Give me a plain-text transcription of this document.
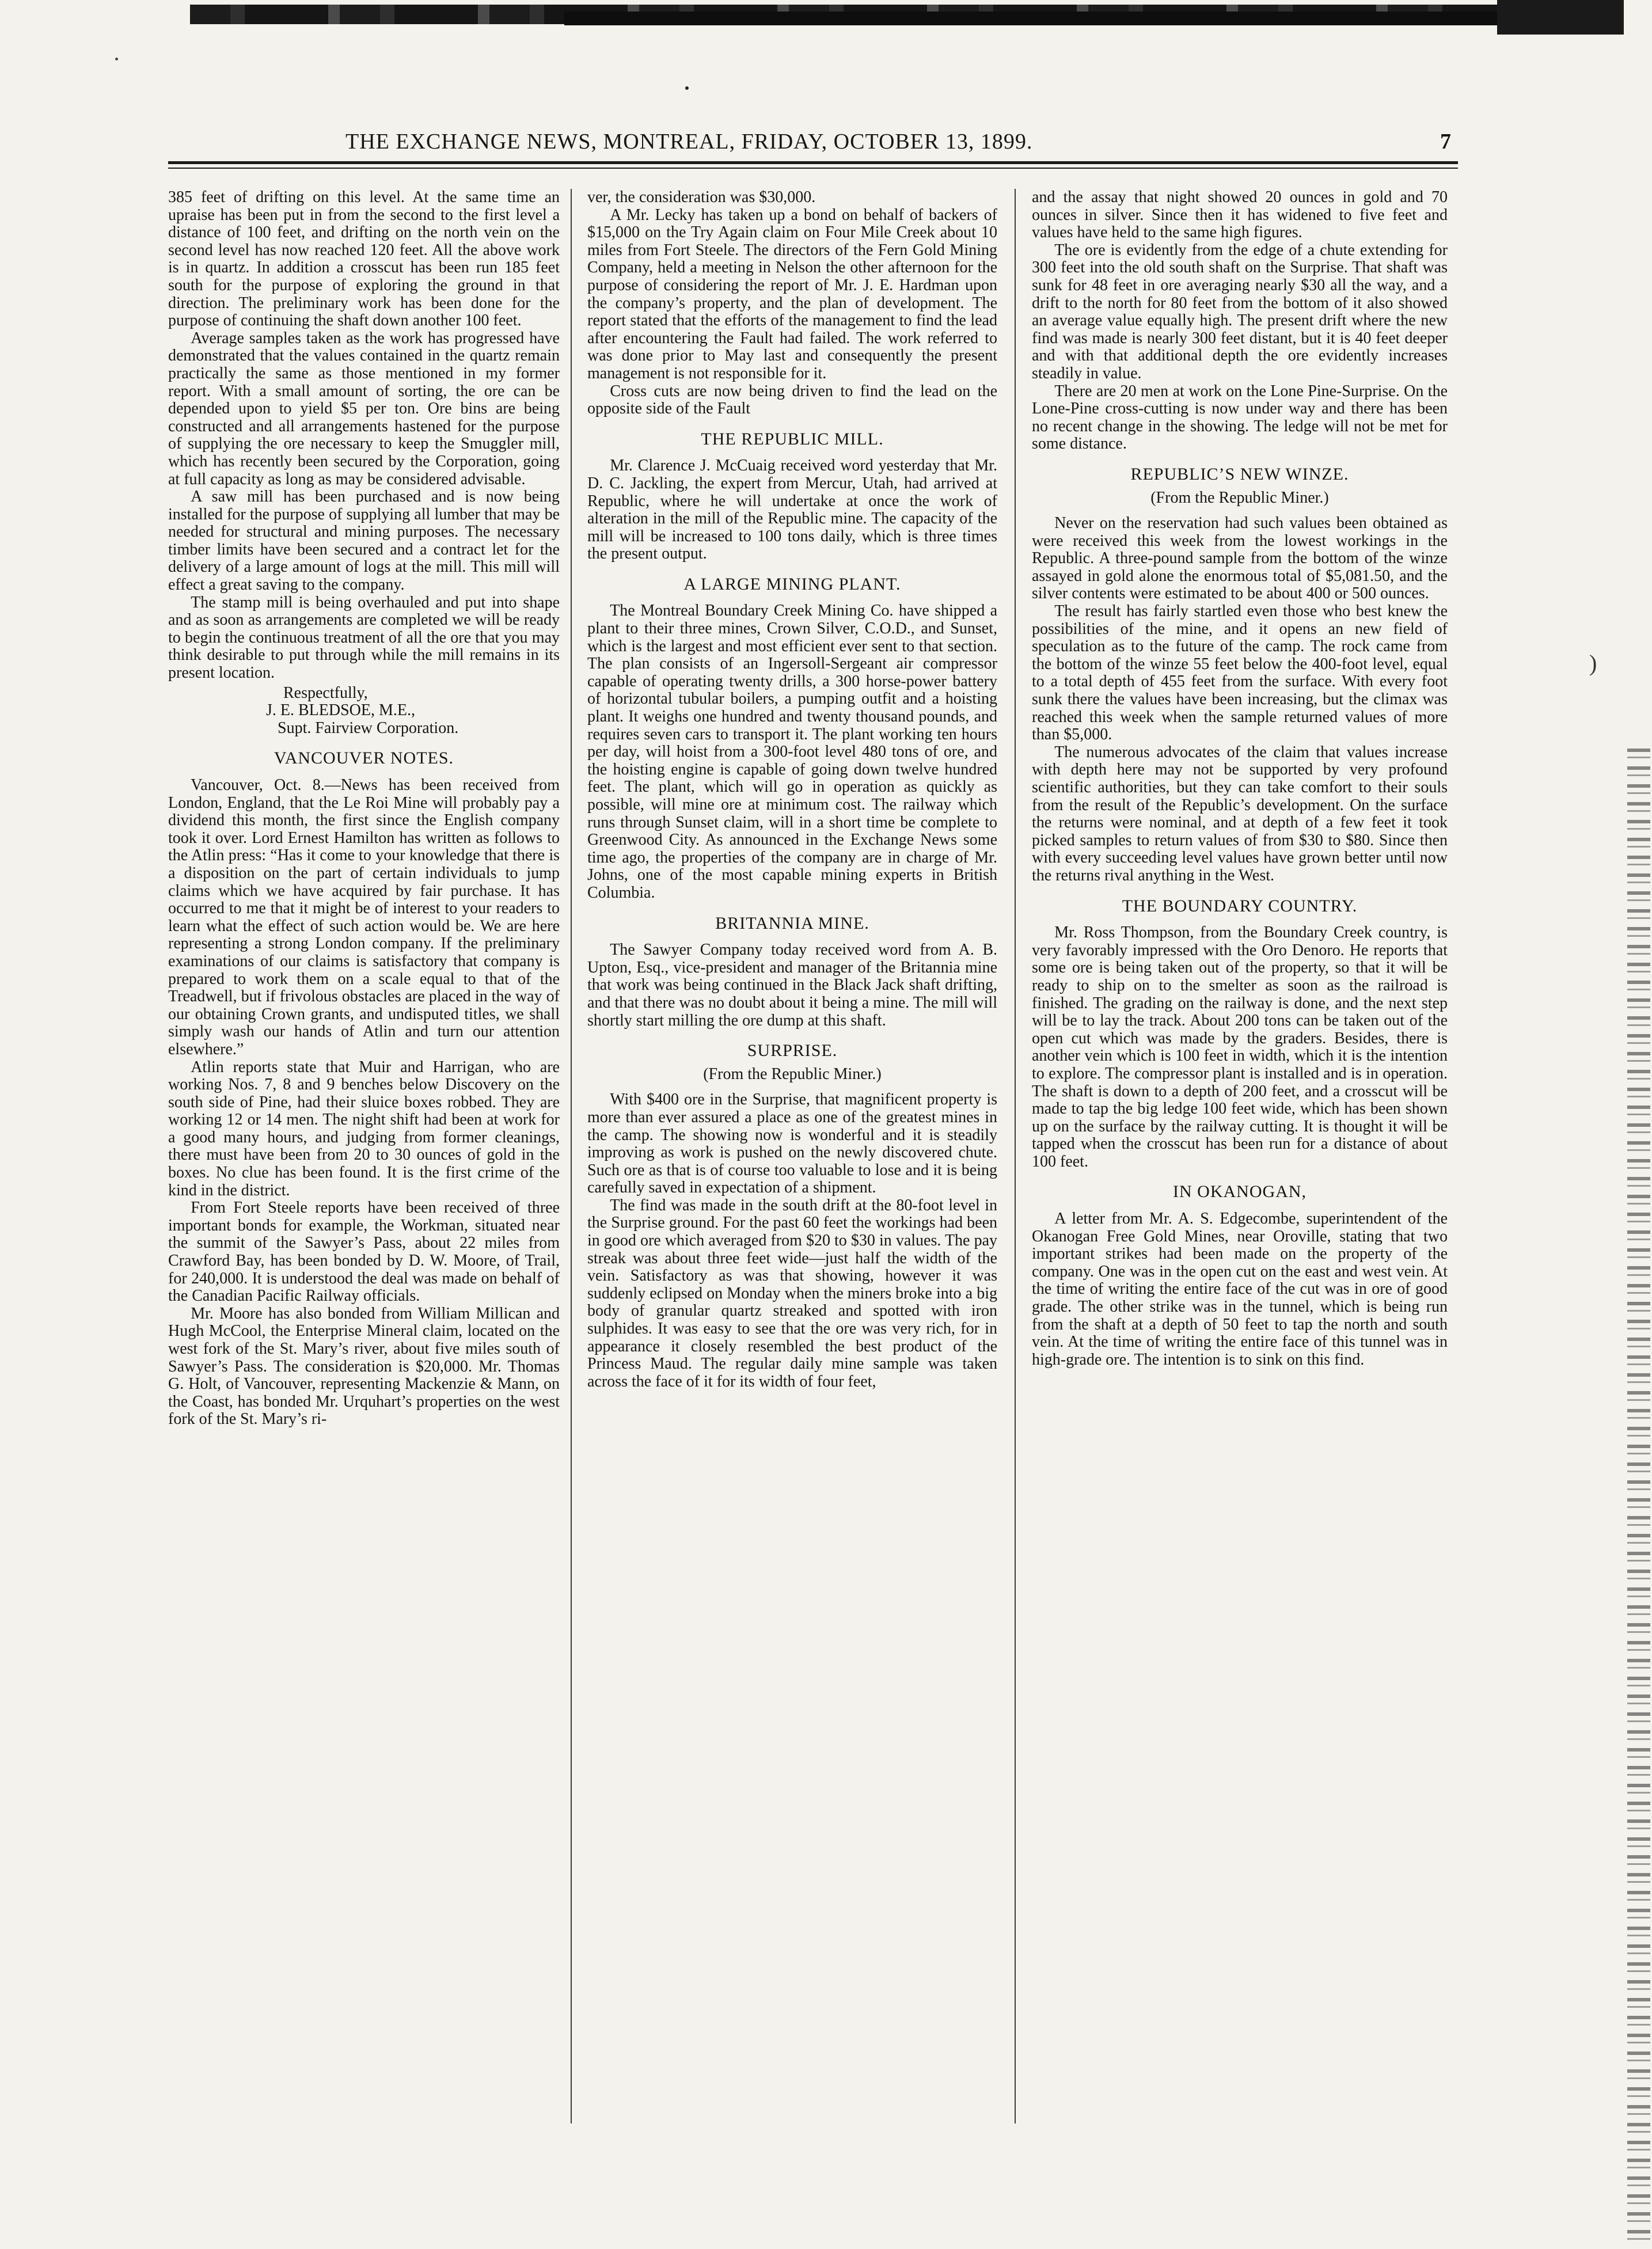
THE EXCHANGE NEWS, MONTREAL, FRIDAY, OCTOBER 13, 1899.	7

385 feet of drifting on this level. At the same time an upraise has been put in from the second to the first level a distance of 100 feet, and drifting on the north vein on the second level has now reached 120 feet. All the above work is in quartz. In addition a crosscut has been run 185 feet south for the purpose of exploring the ground in that direction. The preliminary work has been done for the purpose of continuing the shaft down another 100 feet.

Average samples taken as the work has progressed have demonstrated that the values contained in the quartz remain practically the same as those mentioned in my former report. With a small amount of sorting, the ore can be depended upon to yield $5 per ton. Ore bins are being constructed and all arrangements hastened for the purpose of supplying the ore necessary to keep the Smuggler mill, which has recently been secured by the Corporation, going at full capacity as long as may be considered advisable.

A saw mill has been purchased and is now being installed for the purpose of supplying all lumber that may be needed for structural and mining purposes. The necessary timber limits have been secured and a contract let for the delivery of a large amount of logs at the mill. This mill will effect a great saving to the company.

The stamp mill is being overhauled and put into shape and as soon as arrangements are completed we will be ready to begin the continuous treatment of all the ore that you may think desirable to put through while the mill remains in its present location.

Respectfully,
J. E. BLEDSOE, M.E.,
Supt. Fairview Corporation.
VANCOUVER NOTES.

Vancouver, Oct. 8.—News has been received from London, England, that the Le Roi Mine will probably pay a dividend this month, the first since the English company took it over. Lord Ernest Hamilton has written as follows to the Atlin press: “Has it come to your knowledge that there is a disposition on the part of certain individuals to jump claims which we have acquired by fair purchase. It has occurred to me that it might be of interest to your readers to learn what the effect of such action would be. We are here representing a strong London company. If the preliminary examinations of our claims is satisfactory that company is prepared to work them on a scale equal to that of the Treadwell, but if frivolous obstacles are placed in the way of our obtaining Crown grants, and undisputed titles, we shall simply wash our hands of Atlin and turn our attention elsewhere.”

Atlin reports state that Muir and Harrigan, who are working Nos. 7, 8 and 9 benches below Discovery on the south side of Pine, had their sluice boxes robbed. They are working 12 or 14 men. The night shift had been at work for a good many hours, and judging from former cleanings, there must have been from 20 to 30 ounces of gold in the boxes. No clue has been found. It is the first crime of the kind in the district.

From Fort Steele reports have been received of three important bonds for example, the Workman, situated near the summit of the Sawyer’s Pass, about 22 miles from Crawford Bay, has been bonded by D. W. Moore, of Trail, for 240,000. It is understood the deal was made on behalf of the Canadian Pacific Railway officials.

Mr. Moore has also bonded from William Millican and Hugh McCool, the Enterprise Mineral claim, located on the west fork of the St. Mary’s river, about five miles south of Sawyer’s Pass. The consideration is $20,000. Mr. Thomas G. Holt, of Vancouver, representing Mackenzie & Mann, on the Coast, has bonded Mr. Urquhart’s properties on the west fork of the St. Mary’s ri-

ver, the consideration was $30,000.

A Mr. Lecky has taken up a bond on behalf of backers of $15,000 on the Try Again claim on Four Mile Creek about 10 miles from Fort Steele. The directors of the Fern Gold Mining Company, held a meeting in Nelson the other afternoon for the purpose of considering the report of Mr. J. E. Hardman upon the company’s property, and the plan of development. The report stated that the efforts of the management to find the lead after encountering the Fault had failed. The work referred to was done prior to May last and consequently the present management is not responsible for it.

Cross cuts are now being driven to find the lead on the opposite side of the Fault

THE REPUBLIC MILL.

Mr. Clarence J. McCuaig received word yesterday that Mr. D. C. Jackling, the expert from Mercur, Utah, had arrived at Republic, where he will undertake at once the work of alteration in the mill of the Republic mine. The capacity of the mill will be increased to 100 tons daily, which is three times the present output.

A LARGE MINING PLANT.

The Montreal Boundary Creek Mining Co. have shipped a plant to their three mines, Crown Silver, C.O.D., and Sunset, which is the largest and most efficient ever sent to that section. The plan consists of an Ingersoll-Sergeant air compressor capable of operating twenty drills, a 300 horse-power battery of horizontal tubular boilers, a pumping outfit and a hoisting plant. It weighs one hundred and twenty thousand pounds, and requires seven cars to transport it. The plant working ten hours per day, will hoist from a 300-foot level 480 tons of ore, and the hoisting engine is capable of going down twelve hundred feet. The plant, which will go in operation as quickly as possible, will mine ore at minimum cost. The railway which runs through Sunset claim, will in a short time be complete to Greenwood City. As announced in the Exchange News some time ago, the properties of the company are in charge of Mr. Johns, one of the most capable mining experts in British Columbia.

BRITANNIA MINE.

The Sawyer Company today received word from A. B. Upton, Esq., vice-president and manager of the Britannia mine that work was being continued in the Black Jack shaft drifting, and that there was no doubt about it being a mine. The mill will shortly start milling the ore dump at this shaft.

SURPRISE.
(From the Republic Miner.)

With $400 ore in the Surprise, that magnificent property is more than ever assured a place as one of the greatest mines in the camp. The showing now is wonderful and it is steadily improving as work is pushed on the newly discovered chute. Such ore as that is of course too valuable to lose and it is being carefully saved in expectation of a shipment.

The find was made in the south drift at the 80-foot level in the Surprise ground. For the past 60 feet the workings had been in good ore which averaged from $20 to $30 in values. The pay streak was about three feet wide—just half the width of the vein. Satisfactory as was that showing, however it was suddenly eclipsed on Monday when the miners broke into a big body of granular quartz streaked and spotted with iron sulphides. It was easy to see that the ore was very rich, for in appearance it closely resembled the best product of the Princess Maud. The regular daily mine sample was taken across the face of it for its width of four feet,

and the assay that night showed 20 ounces in gold and 70 ounces in silver. Since then it has widened to five feet and values have held to the same high figures.

The ore is evidently from the edge of a chute extending for 300 feet into the old south shaft on the Surprise. That shaft was sunk for 48 feet in ore averaging nearly $30 all the way, and a drift to the north for 80 feet from the bottom of it also showed an average value equally high. The present drift where the new find was made is nearly 300 feet distant, but it is 40 feet deeper and with that additional depth the ore evidently increases steadily in value.

There are 20 men at work on the Lone Pine-Surprise. On the Lone-Pine cross-cutting is now under way and there has been no recent change in the showing. The ledge will not be met for some distance.

REPUBLIC’S NEW WINZE.
(From the Republic Miner.)

Never on the reservation had such values been obtained as were received this week from the lowest workings in the Republic. A three-pound sample from the bottom of the winze assayed in gold alone the enormous total of $5,081.50, and the silver contents were estimated to be about 400 or 500 ounces.

The result has fairly startled even those who best knew the possibilities of the mine, and it opens an new field of speculation as to the future of the camp. The rock came from the bottom of the winze 55 feet below the 400-foot level, equal to a total depth of 455 feet from the surface. With every foot sunk there the values have been increasing, but the climax was reached this week when the sample returned values of more than $5,000.

The numerous advocates of the claim that values increase with depth here may not be supported by very profound scientific authorities, but they can take comfort to their souls from the result of the Republic’s development. On the surface the returns were nominal, and at depth of a few feet it took picked samples to return values of from $30 to $80. Since then with every succeeding level values have grown better until now the returns rival anything in the West.

THE BOUNDARY COUNTRY.

Mr. Ross Thompson, from the Boundary Creek country, is very favorably impressed with the Oro Denoro. He reports that some ore is being taken out of the property, so that it will be ready to ship on to the smelter as soon as the railroad is finished. The grading on the railway is done, and the next step will be to lay the track. About 200 tons can be taken out of the open cut which was made by the graders. Besides, there is another vein which is 100 feet in width, which it is the intention to explore. The compressor plant is installed and is in operation. The shaft is down to a depth of 200 feet, and a crosscut will be made to tap the big ledge 100 feet wide, which has been shown up on the surface by the railway cutting. It is thought it will be tapped when the crosscut has been run for a distance of about 100 feet.

IN OKANOGAN,

A letter from Mr. A. S. Edgecombe, superintendent of the Okanogan Free Gold Mines, near Oroville, stating that two important strikes had been made on the property of the company. One was in the open cut on the east and west vein. At the time of writing the entire face of the cut was in ore of good grade. The other strike was in the tunnel, which is being run from the shaft at a depth of 50 feet to tap the north and south vein. At the time of writing the entire face of this tunnel was in high-grade ore. The intention is to sink on this find.

)
